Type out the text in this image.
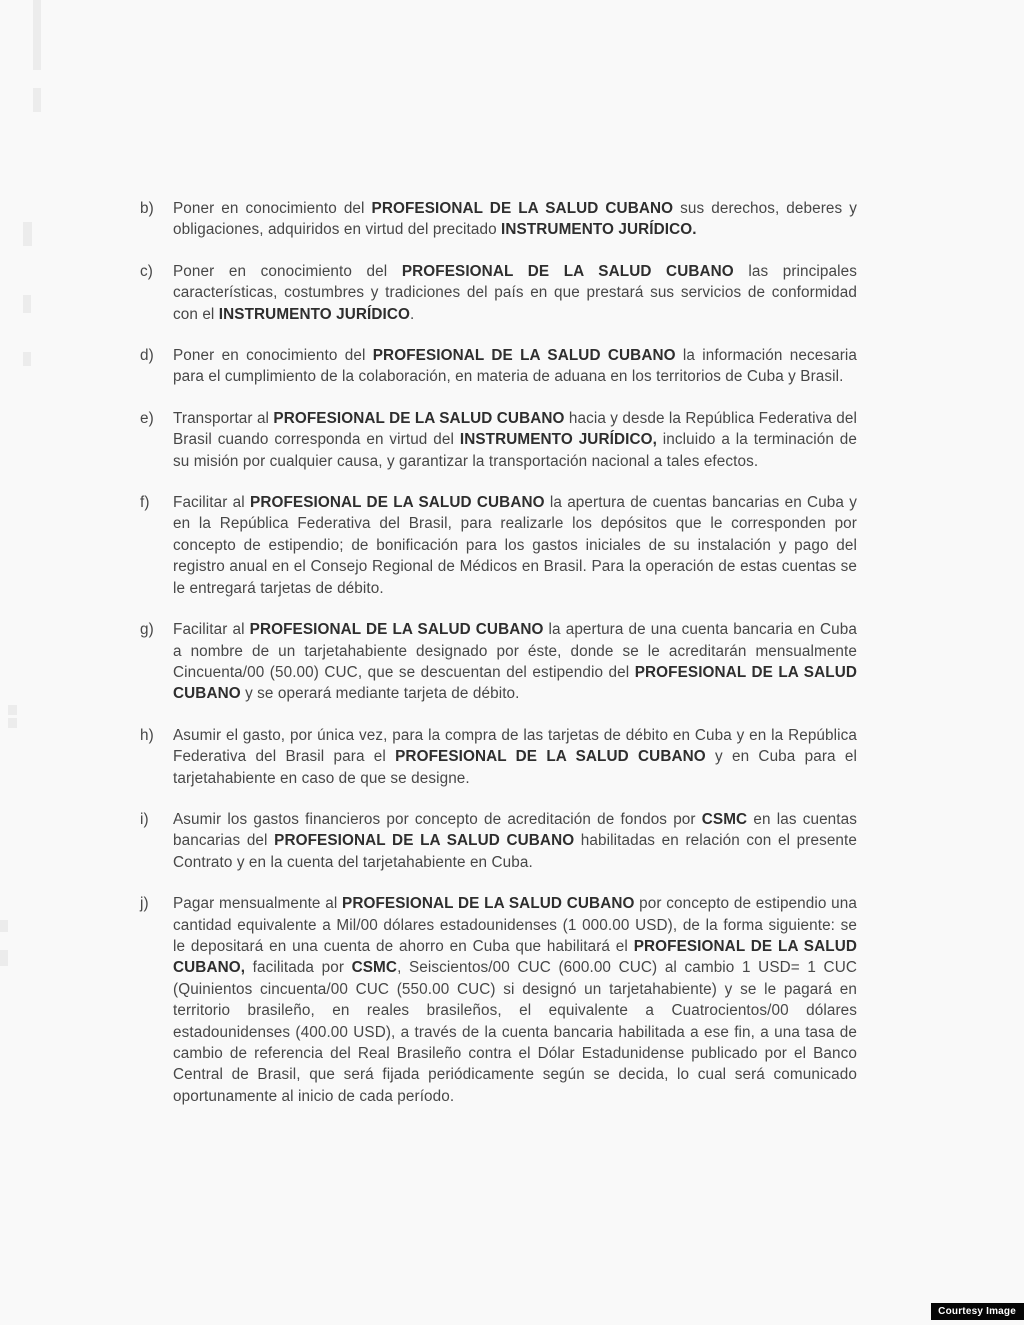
b)	Poner en conocimiento del PROFESIONAL DE LA SALUD CUBANO sus derechos, deberes y obligaciones, adquiridos en virtud del precitado INSTRUMENTO JURÍDICO.
c)	Poner en conocimiento del PROFESIONAL DE LA SALUD CUBANO las principales características, costumbres y tradiciones del país en que prestará sus servicios de conformidad con el INSTRUMENTO JURÍDICO.
d)	Poner en conocimiento del PROFESIONAL DE LA SALUD CUBANO la información necesaria para el cumplimiento de la colaboración, en materia de aduana en los territorios de Cuba y Brasil.
e)	Transportar al PROFESIONAL DE LA SALUD CUBANO hacia y desde la República Federativa del Brasil cuando corresponda en virtud del INSTRUMENTO JURÍDICO, incluido a la terminación de su misión por cualquier causa, y garantizar la transportación nacional a tales efectos.
f)	Facilitar al PROFESIONAL DE LA SALUD CUBANO la apertura de cuentas bancarias en Cuba y en la República Federativa del Brasil, para realizarle los depósitos que le corresponden por concepto de estipendio; de bonificación para los gastos iniciales de su instalación y pago del registro anual en el Consejo Regional de Médicos en Brasil. Para la operación de estas cuentas se le entregará tarjetas de débito.
g)	Facilitar al PROFESIONAL DE LA SALUD CUBANO la apertura de una cuenta bancaria en Cuba a nombre de un tarjetahabiente designado por éste, donde se le acreditarán mensualmente Cincuenta/00 (50.00) CUC, que se descuentan del estipendio del PROFESIONAL DE LA SALUD CUBANO y se operará mediante tarjeta de débito.
h)	Asumir el gasto, por única vez, para la compra de las tarjetas de débito en Cuba y en la República Federativa del Brasil para el PROFESIONAL DE LA SALUD CUBANO y en Cuba para el tarjetahabiente en caso de que se designe.
i)	Asumir los gastos financieros por concepto de acreditación de fondos por CSMC en las cuentas bancarias del PROFESIONAL DE LA SALUD CUBANO habilitadas en relación con el presente Contrato y en la cuenta del tarjetahabiente en Cuba.
j)	Pagar mensualmente al PROFESIONAL DE LA SALUD CUBANO por concepto de estipendio una cantidad equivalente a Mil/00 dólares estadounidenses (1 000.00 USD), de la forma siguiente: se le depositará en una cuenta de ahorro en Cuba que habilitará el PROFESIONAL DE LA SALUD CUBANO, facilitada por CSMC, Seiscientos/00 CUC (600.00 CUC) al cambio 1 USD= 1 CUC (Quinientos cincuenta/00 CUC (550.00 CUC) si designó un tarjetahabiente) y se le pagará en territorio brasileño, en reales brasileños, el equivalente a Cuatrocientos/00 dólares estadounidenses (400.00 USD), a través de la cuenta bancaria habilitada a ese fin, a una tasa de cambio de referencia del Real Brasileño contra el Dólar Estadunidense publicado por el Banco Central de Brasil, que será fijada periódicamente según se decida, lo cual será comunicado oportunamente al inicio de cada período.
Courtesy Image
